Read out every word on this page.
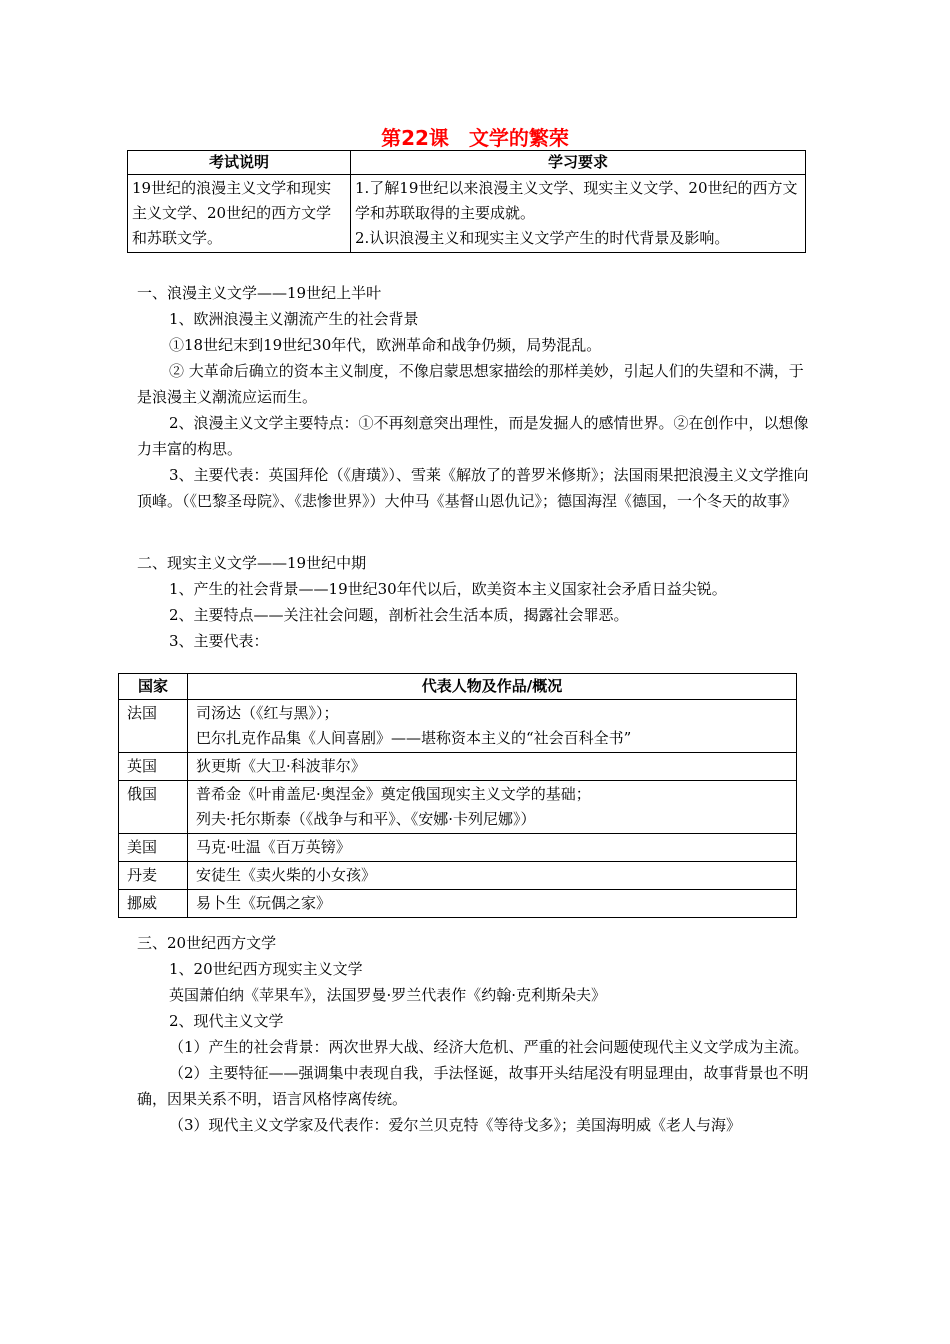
第22课　文学的繁荣
考试说明	学习要求
19世纪的浪漫主义文学和现实主义文学、20世纪的西方文学和苏联文学。	1.了解19世纪以来浪漫主义文学、现实主义文学、20世纪的西方文学和苏联取得的主要成就。
2.认识浪漫主义和现实主义文学产生的时代背景及影响。

一、浪漫主义文学——19世纪上半叶

1、欧洲浪漫主义潮流产生的社会背景

①18世纪末到19世纪30年代，欧洲革命和战争仍频，局势混乱。

② 大革命后确立的资本主义制度，不像启蒙思想家描绘的那样美妙，引起人们的失望和不满，于是浪漫主义潮流应运而生。

2、浪漫主义文学主要特点：①不再刻意突出理性，而是发掘人的感情世界。②在创作中，以想像力丰富的构思。

3、主要代表：英国拜伦（《唐璜》）、雪莱《解放了的普罗米修斯》；法国雨果把浪漫主义文学推向顶峰。（《巴黎圣母院》、《悲惨世界》）大仲马《基督山恩仇记》；德国海涅《德国，一个冬天的故事》

二、现实主义文学——19世纪中期

1、产生的社会背景——19世纪30年代以后，欧美资本主义国家社会矛盾日益尖锐。

2、主要特点——关注社会问题，剖析社会生活本质，揭露社会罪恶。

3、主要代表：

国家	代表人物及作品/概况
法国	司汤达（《红与黑》）；
巴尔扎克作品集《人间喜剧》——堪称资本主义的“社会百科全书”

英国	狄更斯《大卫·科波菲尔》

俄国	普希金《叶甫盖尼·奥涅金》奠定俄国现实主义文学的基础；
列夫·托尔斯泰（《战争与和平》、《安娜·卡列尼娜》）

美国	马克·吐温《百万英镑》

丹麦	安徒生《卖火柴的小女孩》

挪威	易卜生《玩偶之家》

三、20世纪西方文学

1、20世纪西方现实主义文学

英国萧伯纳《苹果车》，法国罗曼·罗兰代表作《约翰·克利斯朵夫》

2、现代主义文学

（1）产生的社会背景：两次世界大战、经济大危机、严重的社会问题使现代主义文学成为主流。

（2）主要特征——强调集中表现自我，手法怪诞，故事开头结尾没有明显理由，故事背景也不明确，因果关系不明，语言风格悖离传统。

（3）现代主义文学家及代表作：爱尔兰贝克特《等待戈多》；美国海明威《老人与海》
